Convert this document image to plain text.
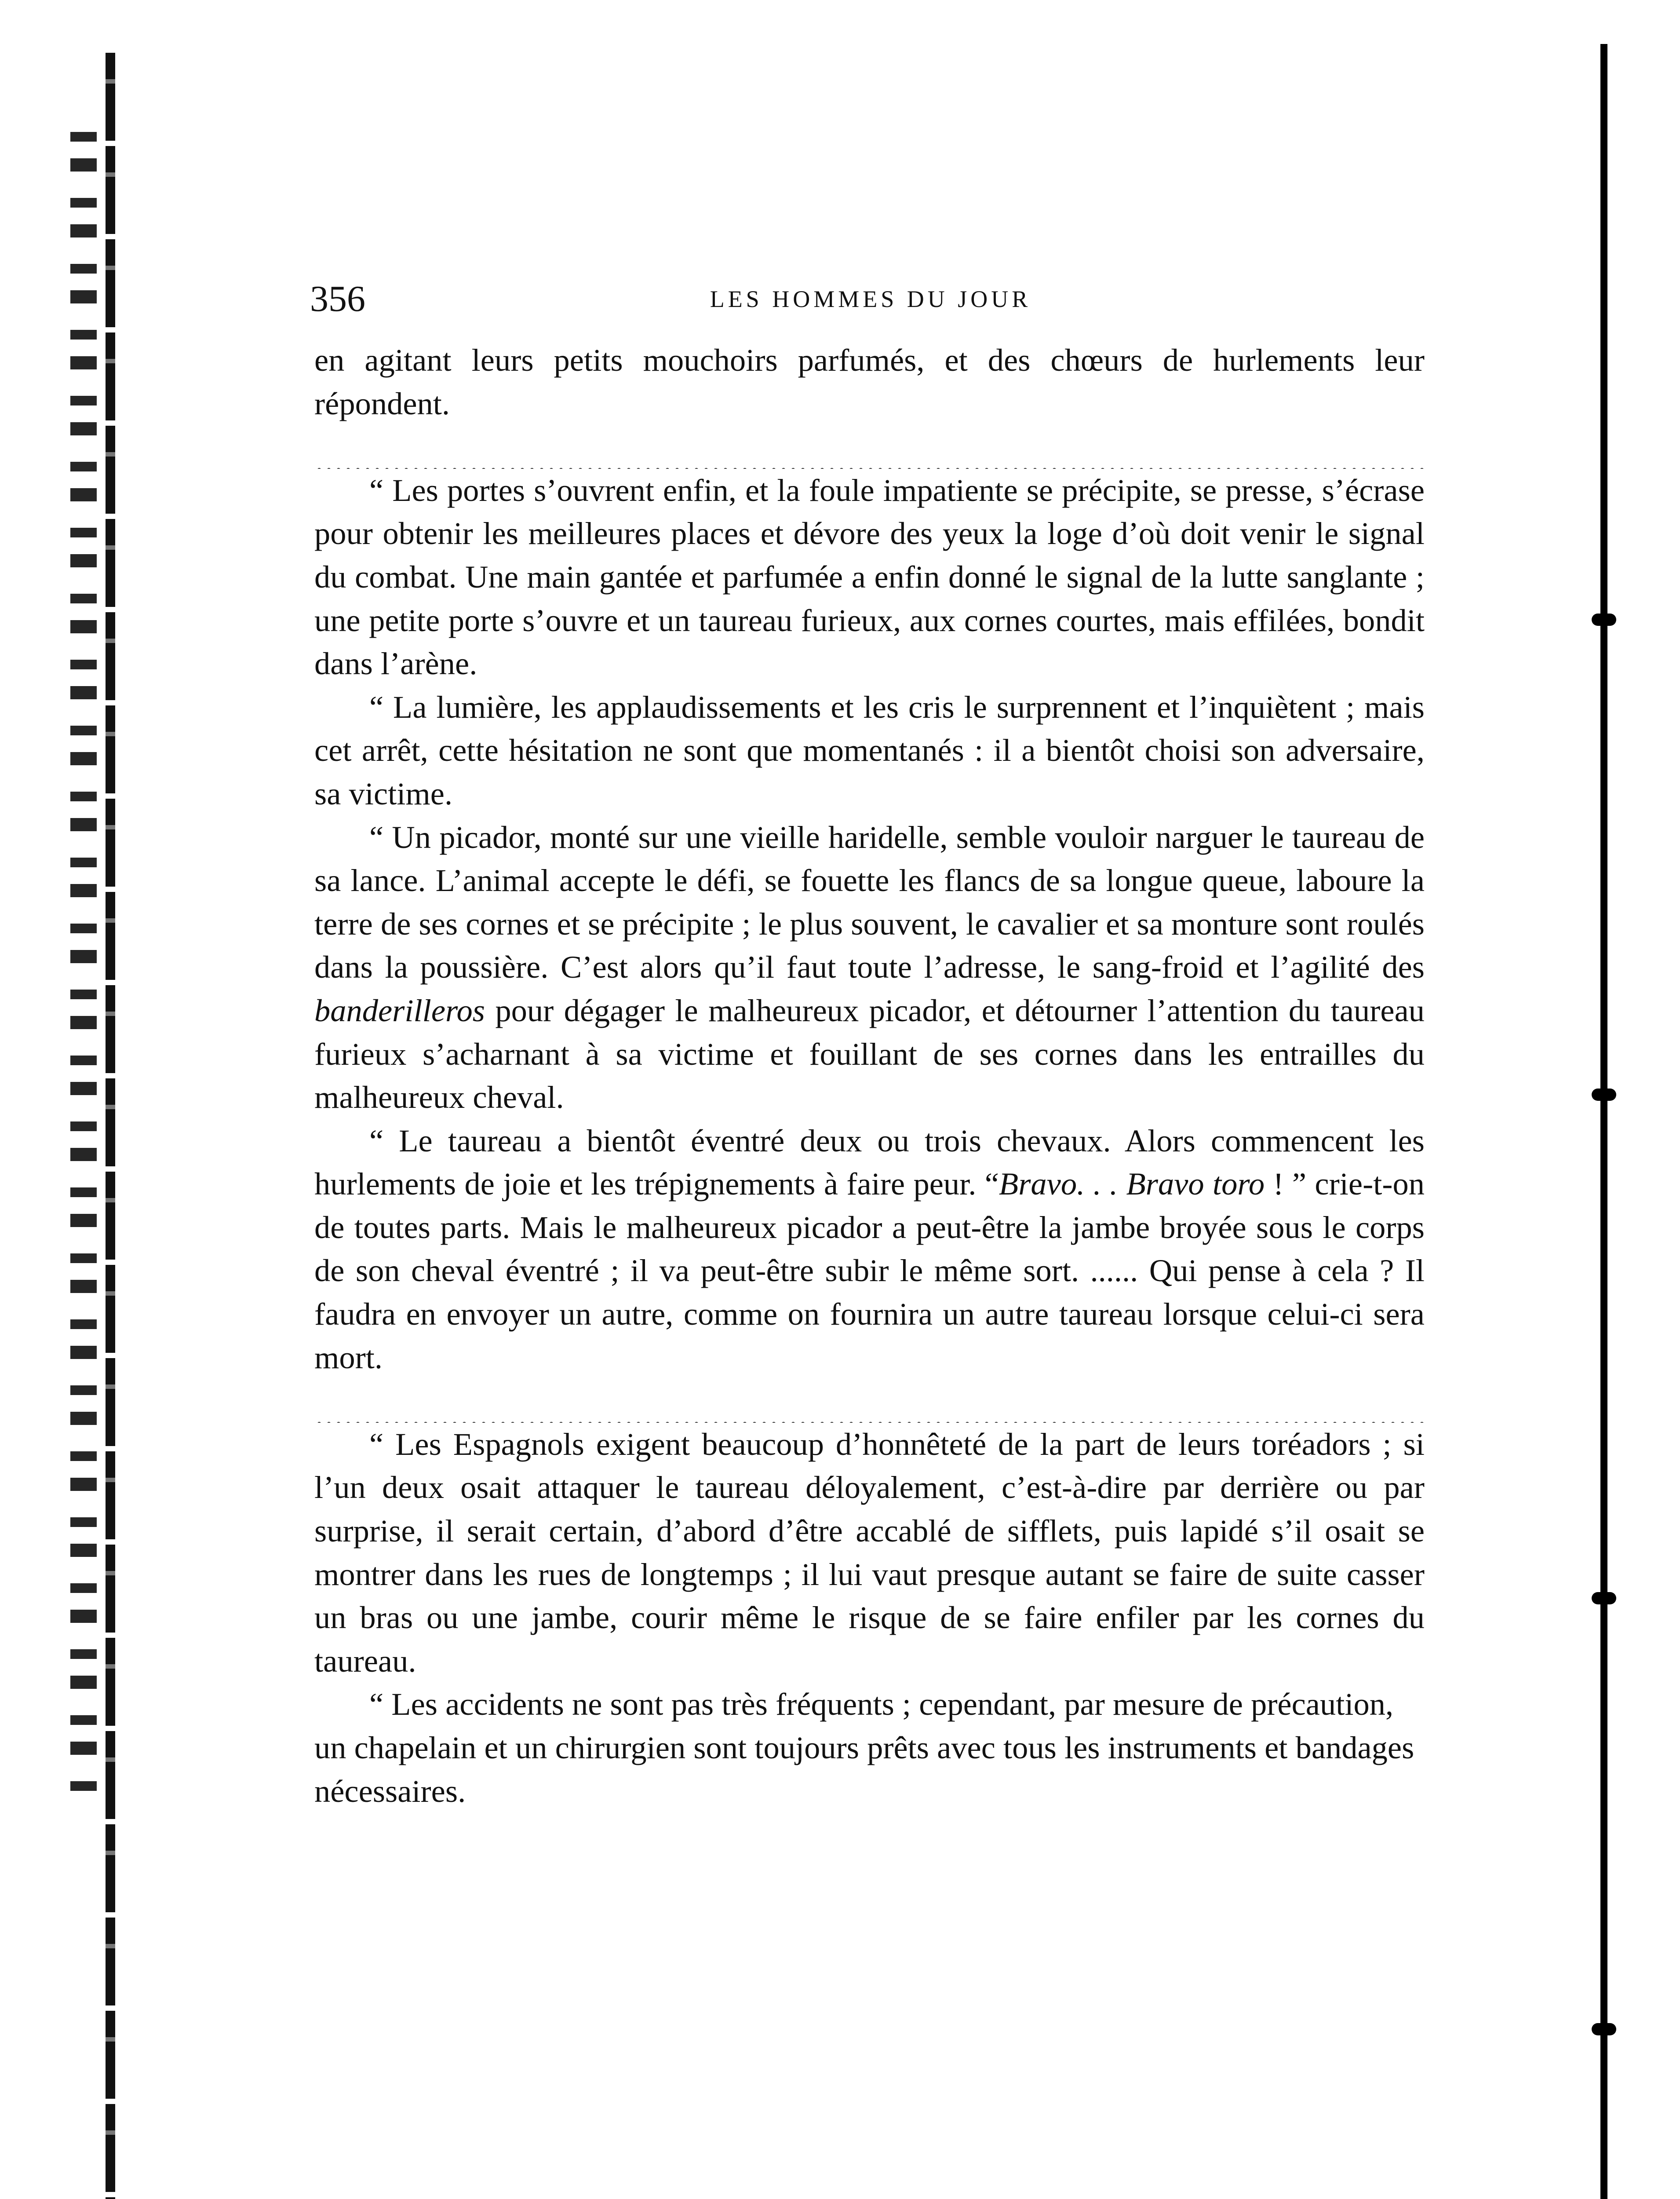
356	LES HOMMES DU JOUR

en agitant leurs petits mouchoirs parfumés, et des chœurs de hurlements leur répondent.

“ Les portes s’ouvrent enfin, et la foule impatiente se précipite, se presse, s’écrase pour obtenir les meilleures places et dévore des yeux la loge d’où doit venir le signal du combat. Une main gantée et parfumée a enfin donné le signal de la lutte sanglante ; une petite porte s’ouvre et un taureau furieux, aux cornes courtes, mais effilées, bondit dans l’arène.

“ La lumière, les applaudissements et les cris le surprennent et l’inquiètent ; mais cet arrêt, cette hésitation ne sont que momentanés : il a bientôt choisi son adversaire, sa victime.

“ Un picador, monté sur une vieille haridelle, semble vouloir narguer le taureau de sa lance. L’animal accepte le défi, se fouette les flancs de sa longue queue, laboure la terre de ses cornes et se précipite ; le plus souvent, le cavalier et sa monture sont roulés dans la poussière. C’est alors qu’il faut toute l’adresse, le sang-froid et l’agilité des banderilleros pour dégager le malheureux picador, et détourner l’attention du taureau furieux s’acharnant à sa victime et fouillant de ses cornes dans les entrailles du malheureux cheval.

“ Le taureau a bientôt éventré deux ou trois chevaux. Alors commencent les hurlements de joie et les trépignements à faire peur. “Bravo. . . Bravo toro ! ” crie-t-on de toutes parts. Mais le malheureux picador a peut-être la jambe broyée sous le corps de son cheval éventré ; il va peut-être subir le même sort. ...... Qui pense à cela ? Il faudra en envoyer un autre, comme on fournira un autre taureau lorsque celui-ci sera mort.

“ Les Espagnols exigent beaucoup d’honnêteté de la part de leurs toréadors ; si l’un deux osait attaquer le taureau déloyalement, c’est-à-dire par derrière ou par surprise, il serait certain, d’abord d’être accablé de sifflets, puis lapidé s’il osait se montrer dans les rues de longtemps ; il lui vaut presque autant se faire de suite casser un bras ou une jambe, courir même le risque de se faire enfiler par les cornes du taureau.

“ Les accidents ne sont pas très fréquents ; cependant, par mesure de précaution, un chapelain et un chirurgien sont toujours prêts avec tous les instruments et bandages nécessaires.
